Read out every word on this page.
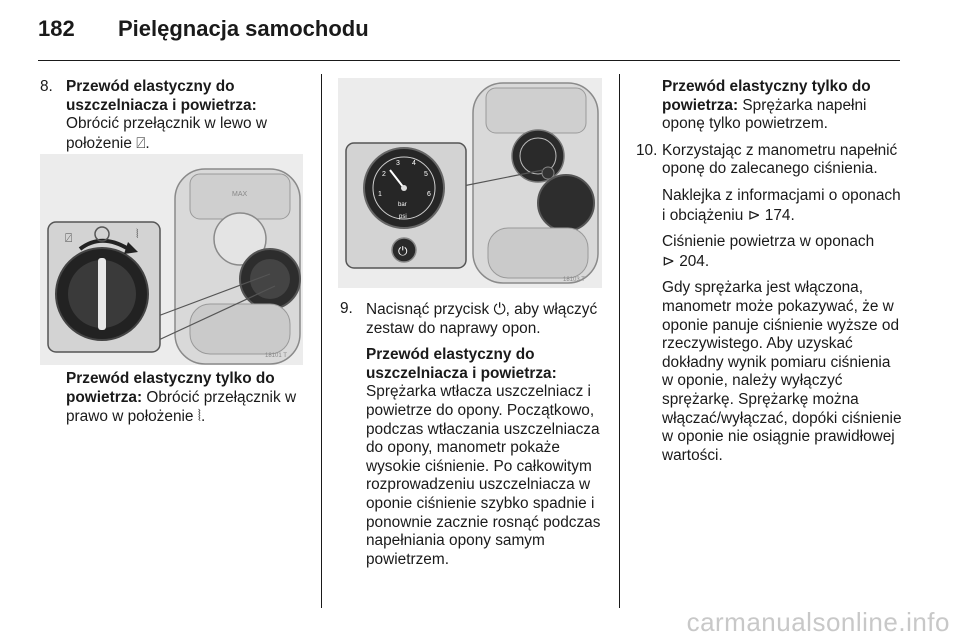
182 Pielęgnacja samochodu
8. Przewód elastyczny do uszczelniacza i powietrza:
Obrócić przełącznik w lewo w położenie ⍁.

MAX
⍁	⦚
18101 T

Przewód elastyczny tylko do powietrza: Obrócić przełącznik w prawo w położenie ⦚.

1
2
3 4
5
6
bar
psi
⏻
18103 T
9. Nacisnąć przycisk ⏻, aby włączyć zestaw do naprawy opon.

Przewód elastyczny do uszczelniacza i powietrza:
Sprężarka wtłacza uszczelniacz i powietrze do opony. Początkowo, podczas wtłaczania uszczelniacza do opony, manometr pokaże wysokie ciśnienie. Po całkowitym rozprowadzeniu uszczelniacza w oponie ciśnienie szybko spadnie i ponownie zacznie rosnąć podczas napełniania opony samym powietrzem.

Przewód elastyczny tylko do powietrza: Sprężarka napełni oponę tylko powietrzem.

10. Korzystając z manometru napełnić oponę do zalecanego ciśnienia.

Naklejka z informacjami o oponach i obciążeniu ⊳ 174.

Ciśnienie powietrza w oponach
⊳ 204.

Gdy sprężarka jest włączona, manometr może pokazywać, że w oponie panuje ciśnienie wyższe od rzeczywistego. Aby uzyskać dokładny wynik pomiaru ciśnienia w oponie, należy wyłączyć sprężarkę. Sprężarkę można włączać/wyłączać, dopóki ciśnienie w oponie nie osiągnie prawidłowej wartości.

carmanualsonline.info
